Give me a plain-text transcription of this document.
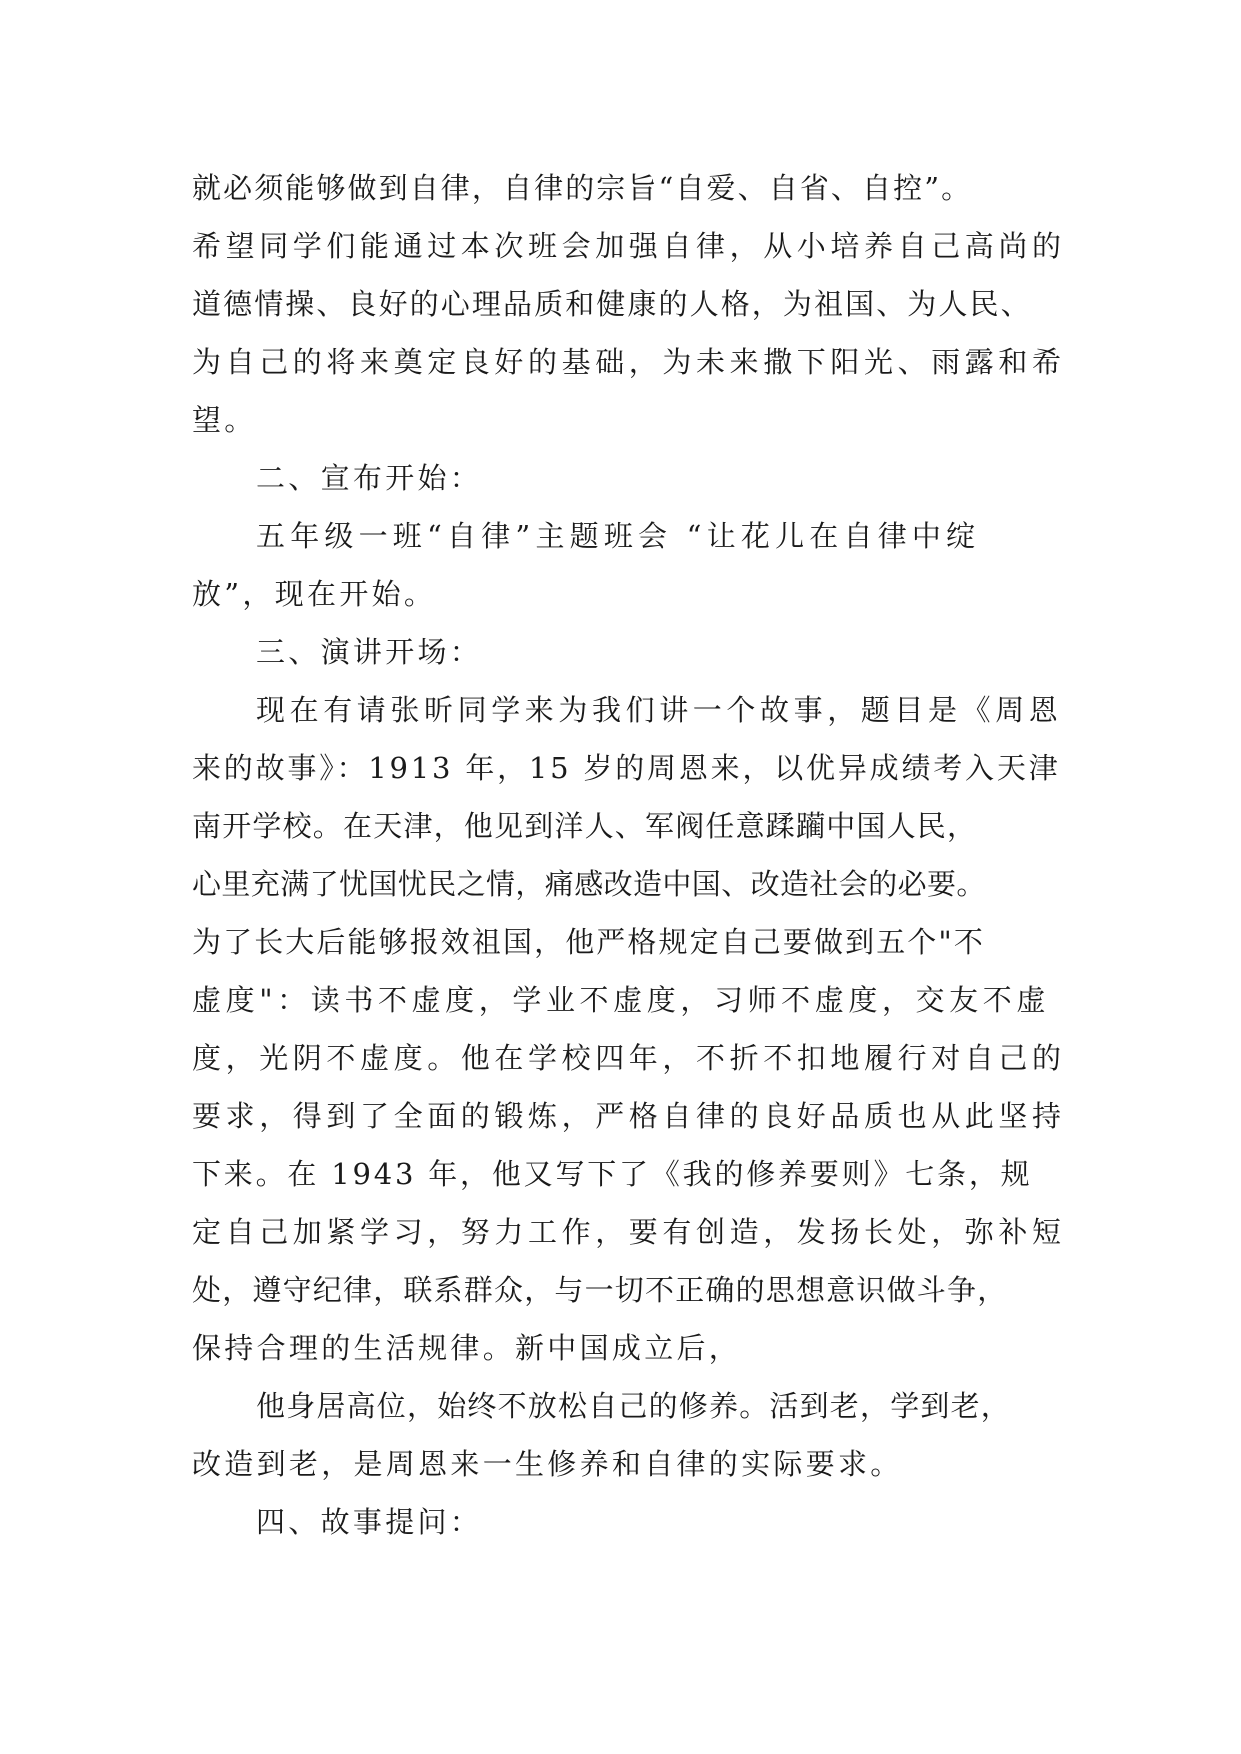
就必须能够做到自律，自律的宗旨“自爱、自省、自控”。
希望同学们能通过本次班会加强自律，从小培养自己高尚的
道德情操、良好的心理品质和健康的人格，为祖国、为人民、
为自己的将来奠定良好的基础，为未来撒下阳光、雨露和希
望。
二、宣布开始：
五年级一班“自律”主题班会 “让花儿在自律中绽
放”，现在开始。
三、演讲开场：
现在有请张昕同学来为我们讲一个故事，题目是《周恩
来的故事》：1913 年，15 岁的周恩来，以优异成绩考入天津
南开学校。在天津，他见到洋人、军阀任意蹂躏中国人民，
心里充满了忧国忧民之情，痛感改造中国、改造社会的必要。
为了长大后能够报效祖国，他严格规定自己要做到五个"不
虚度"：读书不虚度，学业不虚度，习师不虚度，交友不虚
度，光阴不虚度。他在学校四年，不折不扣地履行对自己的
要求，得到了全面的锻炼，严格自律的良好品质也从此坚持
下来。在 1943 年，他又写下了《我的修养要则》七条，规
定自己加紧学习，努力工作，要有创造，发扬长处，弥补短
处，遵守纪律，联系群众，与一切不正确的思想意识做斗争，
保持合理的生活规律。新中国成立后，
他身居高位，始终不放松自己的修养。活到老，学到老，
改造到老，是周恩来一生修养和自律的实际要求。
四、故事提问：
